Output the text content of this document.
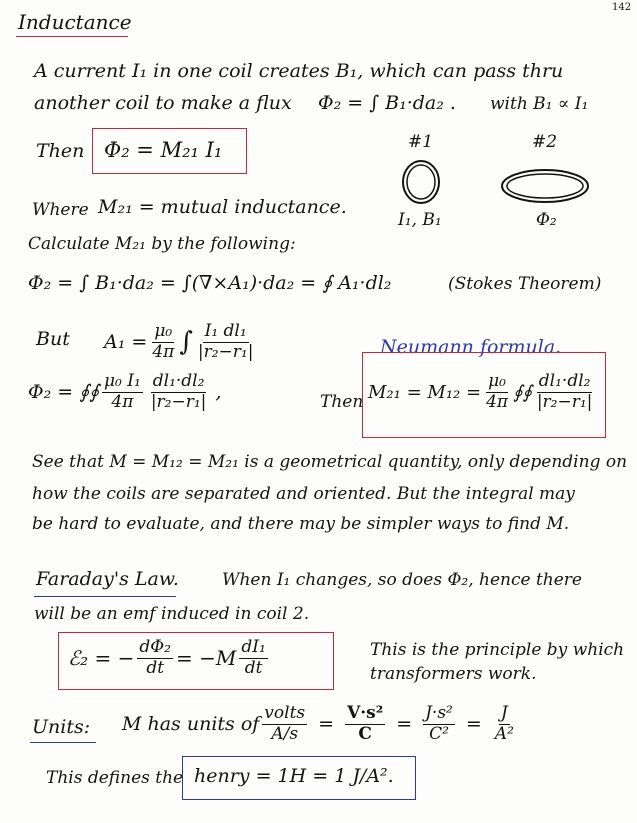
142
Inductance
A current I₁ in one coil creates B₁, which can pass thru
another coil to make a flux Φ₂ = ∫ B₁·da₂ . with B₁ ∝ I₁
Then Φ₂ = M₂₁ I₁	#1
I₁, B₁
#2
Φ₂
Where M₂₁ = mutual inductance.
Calculate M₂₁ by the following:
Φ₂ = ∫ B₁·da₂ = ∫(∇×A₁)·da₂ = ∮ A₁·dl₂	(Stokes Theorem)
But $A_1 = \frac{\text{μ₀}}{4\pi}$ ∫ $\frac{\text{I₁ dl₁}}{\text{|r₂−r₁|}}$	Neumann formula.
Φ₂ = ∮∮ $\frac{\text{μ₀ I₁}}{4\pi} \frac{\text{dl₁·dl₂}}{\text{|r₂−r₁|}}$ ,	Then $M_{21} = M_{12} = \frac{\text{μ₀}}{4\pi}$ ∮∮ $\frac{\text{dl₁·dl₂}}{\text{|r₂−r₁|}}$
See that M = M₁₂ = M₂₁ is a geometrical quantity, only depending on
how the coils are separated and oriented. But the integral may
be hard to evaluate, and there may be simpler ways to find M.
Faraday's Law.	When I₁ changes, so does Φ₂, hence there
will be an emf induced in coil 2.
ℰ₂ = − $\frac{\text{dΦ₂}}{dt} = -M \frac{\text{dI₁}}{dt}$	This is the principle by which
transformers work.
Units: M has units of $\frac{\text{volts}}{A/s} = \frac{\text{V·s²}}{C} = \frac{\text{J·s²}}{\text{C²}} = \frac{J}{\text{A²}}$
This defines the henry = 1H = 1 J/A².
